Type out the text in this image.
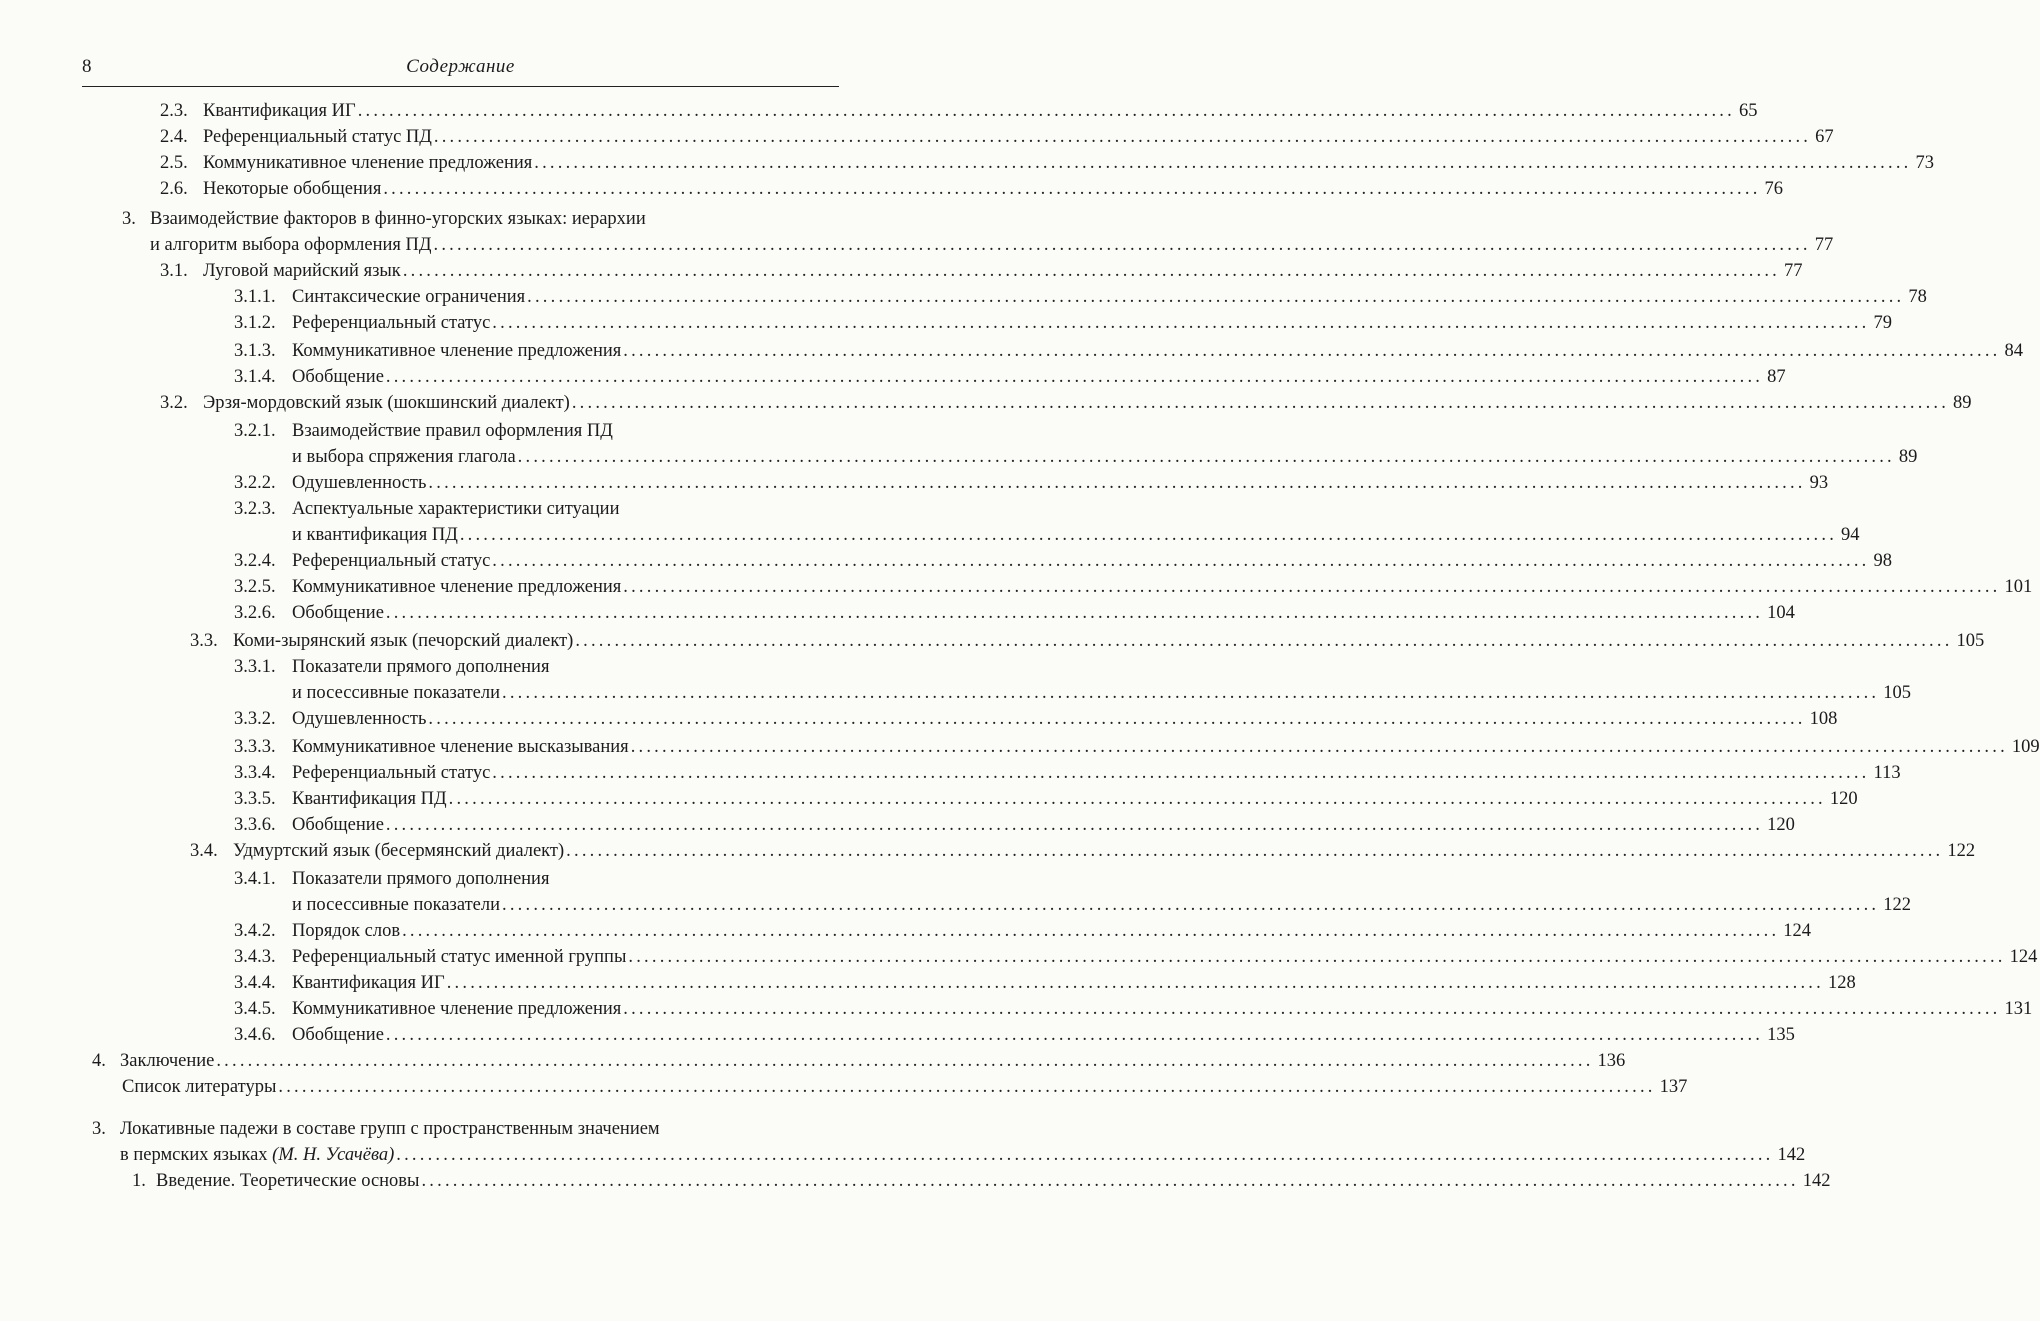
8	Содержание
2.3. Квантификация ИГ ................................................................................................................................................................................ 65
2.4. Референциальный статус ПД ................................................................................................................................................................................ 67
2.5. Коммуникативное членение предложения ................................................................................................................................................................................ 73
2.6. Некоторые обобщения ................................................................................................................................................................................ 76
3. Взаимодействие факторов в финно-угорских языках: иерархии
и алгоритм выбора оформления ПД ................................................................................................................................................................................ 77
3.1. Луговой марийский язык ................................................................................................................................................................................ 77
3.1.1. Синтаксические ограничения ................................................................................................................................................................................ 78
3.1.2. Референциальный статус ................................................................................................................................................................................ 79
3.1.3. Коммуникативное членение предложения ................................................................................................................................................................................ 84
3.1.4. Обобщение ................................................................................................................................................................................ 87
3.2. Эрзя-мордовский язык (шокшинский диалект) ................................................................................................................................................................................ 89
3.2.1. Взаимодействие правил оформления ПД
и выбора спряжения глагола ................................................................................................................................................................................ 89
3.2.2. Одушевленность ................................................................................................................................................................................ 93
3.2.3. Аспектуальные характеристики ситуации
и квантификация ПД ................................................................................................................................................................................ 94
3.2.4. Референциальный статус ................................................................................................................................................................................ 98
3.2.5. Коммуникативное членение предложения ................................................................................................................................................................................ 101
3.2.6. Обобщение ................................................................................................................................................................................ 104
3.3. Коми-зырянский язык (печорский диалект) ................................................................................................................................................................................ 105
3.3.1. Показатели прямого дополнения
и посессивные показатели ................................................................................................................................................................................ 105
3.3.2. Одушевленность ................................................................................................................................................................................ 108
3.3.3. Коммуникативное членение высказывания ................................................................................................................................................................................ 109
3.3.4. Референциальный статус ................................................................................................................................................................................ 113
3.3.5. Квантификация ПД ................................................................................................................................................................................ 120
3.3.6. Обобщение ................................................................................................................................................................................ 120
3.4. Удмуртский язык (бесермянский диалект) ................................................................................................................................................................................ 122
3.4.1. Показатели прямого дополнения
и посессивные показатели ................................................................................................................................................................................ 122
3.4.2. Порядок слов ................................................................................................................................................................................ 124
3.4.3. Референциальный статус именной группы ................................................................................................................................................................................ 124
3.4.4. Квантификация ИГ ................................................................................................................................................................................ 128
3.4.5. Коммуникативное членение предложения ................................................................................................................................................................................ 131
3.4.6. Обобщение ................................................................................................................................................................................ 135
4. Заключение ................................................................................................................................................................................ 136
Список литературы ................................................................................................................................................................................ 137
3. Локативные падежи в составе групп с пространственным значением
в пермских языках
(М. Н. Усачёва) ................................................................................................................................................................................ 142
1. Введение. Теоретические основы ................................................................................................................................................................................ 142
